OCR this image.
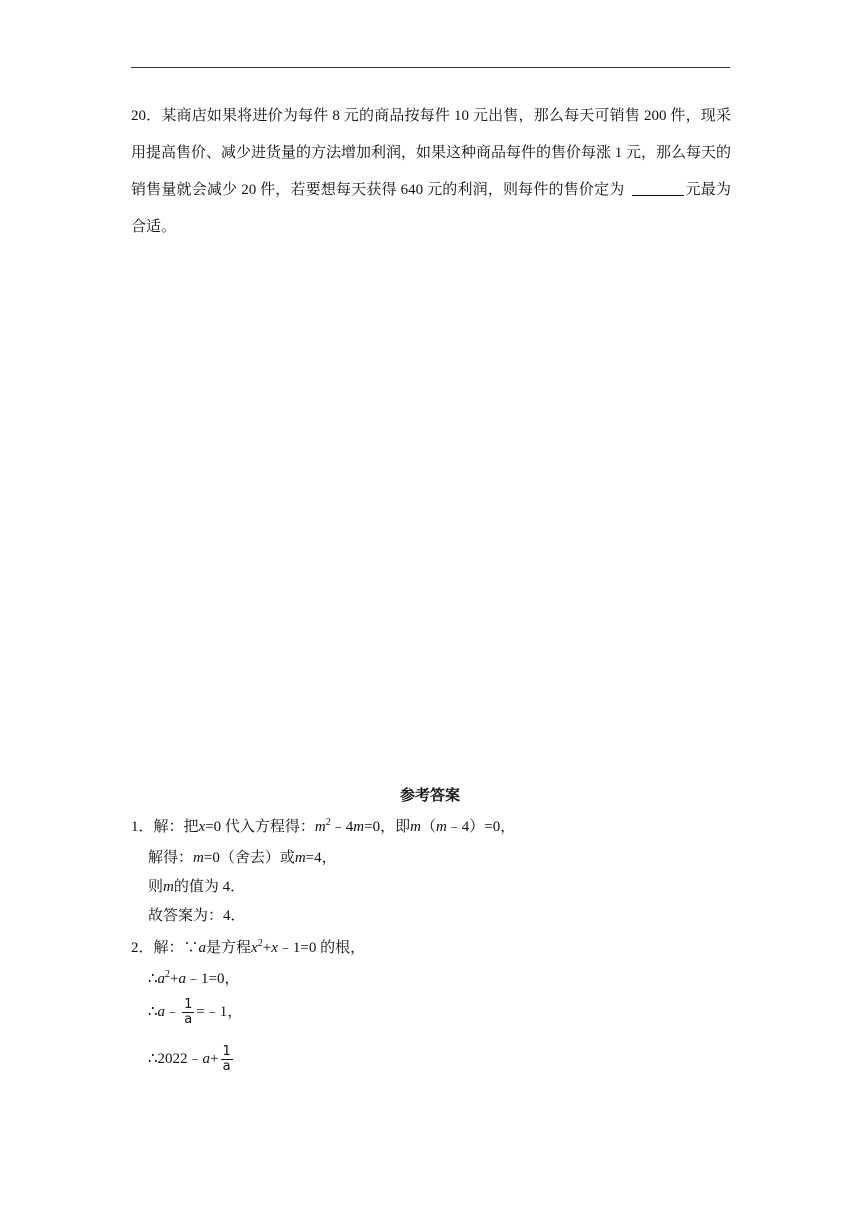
20．某商店如果将进价为每件 8 元的商品按每件 10 元出售，那么每天可销售 200 件，现采用提高售价、减少进货量的方法增加利润，如果这种商品每件的售价每涨 1 元，那么每天的销售量就会减少 20 件，若要想每天获得 640 元的利润，则每件的售价定为	元最为合适。
参考答案
1．解：把x=0 代入方程得：$m^2﹣4m=0$，即m（m﹣4）=0，
解得：m=0（舍去）或m=4，
则m的值为 4．
故答案为：4．
2．解：∵a是方程$x^2+x﹣1=0$ 的根，
$\therefore a^2+a﹣1=0$，
∴a﹣ $\frac{1}{a}$ =﹣1，
∴2022﹣a+ $\frac{1}{a}$
